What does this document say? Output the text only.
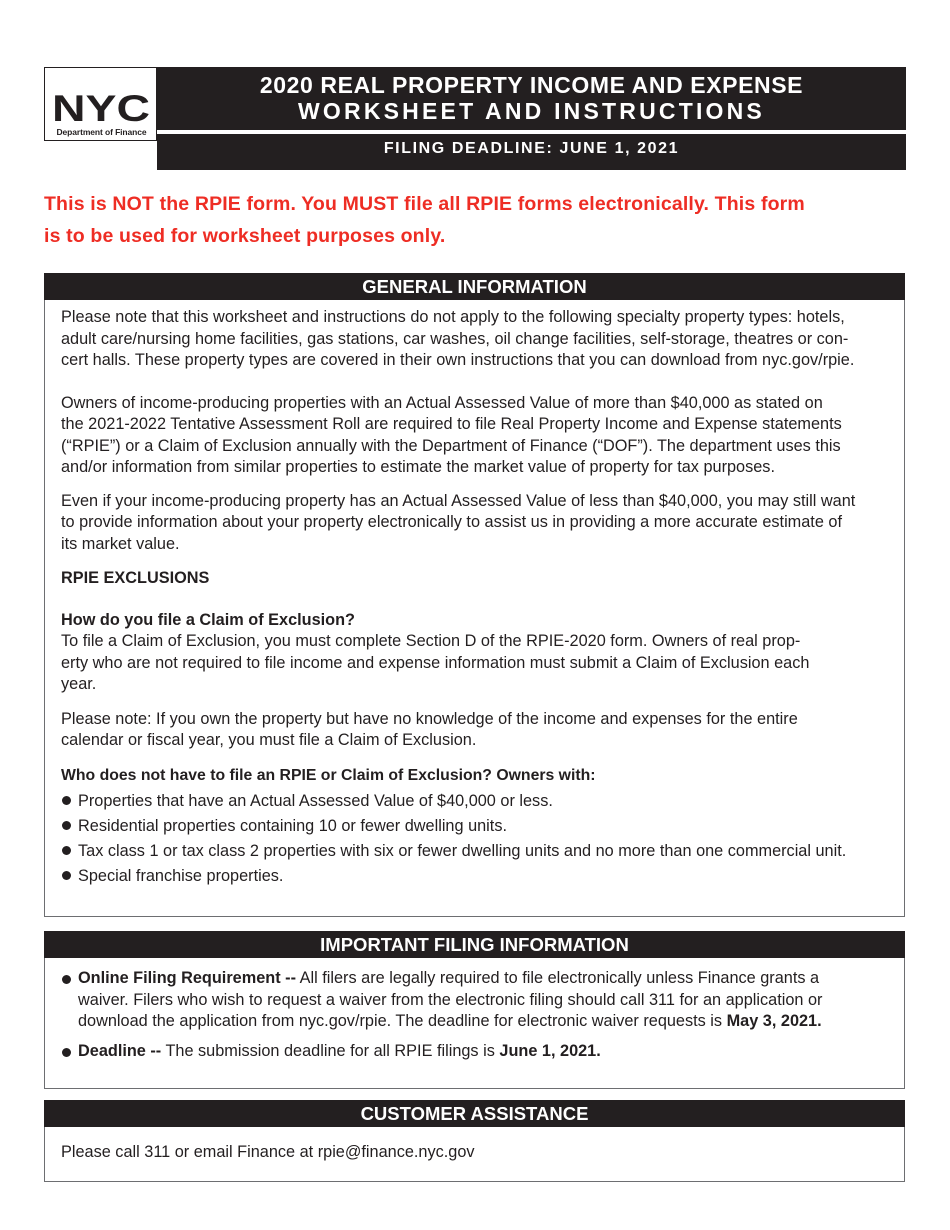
NYC
Department of Finance
2020 REAL PROPERTY INCOME AND EXPENSE
WORKSHEET AND INSTRUCTIONS
FILING DEADLINE: JUNE 1, 2021
This is NOT the RPIE form. You MUST file all RPIE forms electronically. This form
is to be used for worksheet purposes only.
GENERAL INFORMATION

Please note that this worksheet and instructions do not apply to the following specialty property types: hotels,
adult care/nursing home facilities, gas stations, car washes, oil change facilities, self-storage, theatres or con-
cert halls. These property types are covered in their own instructions that you can download from nyc.gov/rpie.

Owners of income-producing properties with an Actual Assessed Value of more than $40,000 as stated on
the 2021-2022 Tentative Assessment Roll are required to file Real Property Income and Expense statements
(“RPIE”) or a Claim of Exclusion annually with the Department of Finance (“DOF”). The department uses this
and/or information from similar properties to estimate the market value of property for tax purposes.

Even if your income-producing property has an Actual Assessed Value of less than $40,000, you may still want
to provide information about your property electronically to assist us in providing a more accurate estimate of
its market value.

RPIE EXCLUSIONS

How do you file a Claim of Exclusion?

To file a Claim of Exclusion, you must complete Section D of the RPIE-2020 form. Owners of real prop-
erty who are not required to file income and expense information must submit a Claim of Exclusion each
year.

Please note: If you own the property but have no knowledge of the income and expenses for the entire
calendar or fiscal year, you must file a Claim of Exclusion.

Who does not have to file an RPIE or Claim of Exclusion? Owners with:

Properties that have an Actual Assessed Value of $40,000 or less.
Residential properties containing 10 or fewer dwelling units.
Tax class 1 or tax class 2 properties with six or fewer dwelling units and no more than one commercial unit.
Special franchise properties.
IMPORTANT FILING INFORMATION
Online Filing Requirement -- All filers are legally required to file electronically unless Finance grants a
waiver. Filers who wish to request a waiver from the electronic filing should call 311 for an application or
download the application from nyc.gov/rpie. The deadline for electronic waiver requests is May 3, 2021.
Deadline -- The submission deadline for all RPIE filings is June 1, 2021.
CUSTOMER ASSISTANCE

Please call 311 or email Finance at rpie@finance.nyc.gov
